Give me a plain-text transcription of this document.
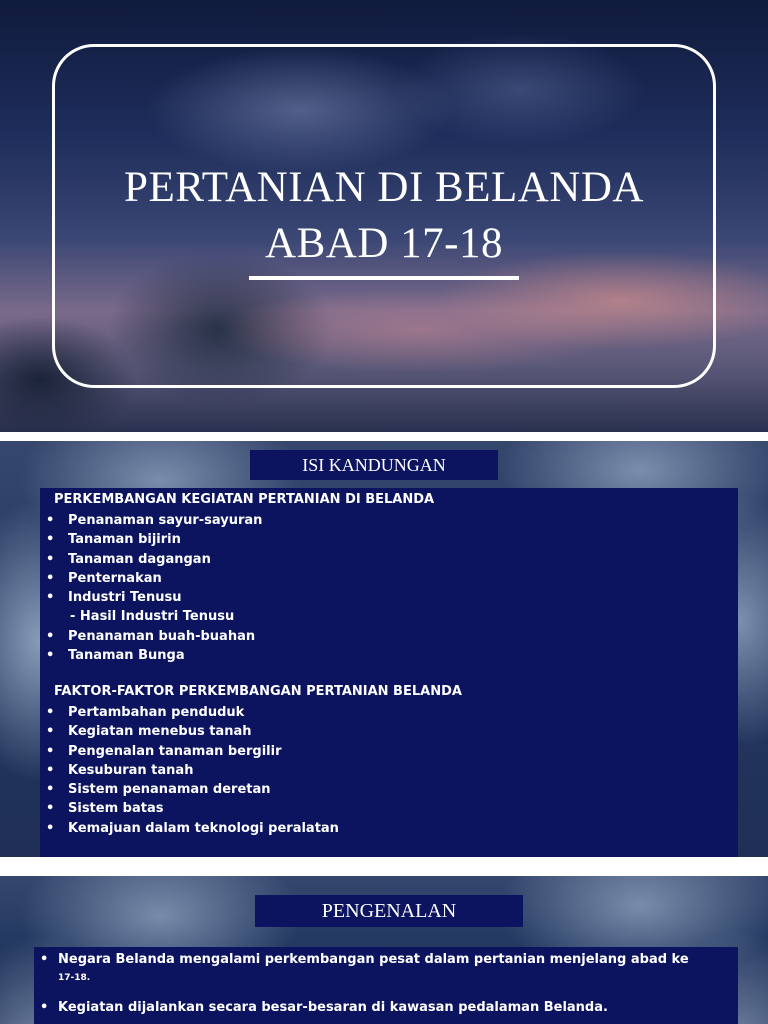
PERTANIAN DI BELANDA
ABAD 17-18
ISI KANDUNGAN
PERKEMBANGAN KEGIATAN PERTANIAN DI BELANDA
• Penanaman sayur-sayuran
• Tanaman bijirin
• Tanaman dagangan
• Penternakan
• Industri Tenusu
- Hasil Industri Tenusu
• Penanaman buah-buahan
• Tanaman Bunga
FAKTOR-FAKTOR PERKEMBANGAN PERTANIAN BELANDA
• Pertambahan penduduk
• Kegiatan menebus tanah
• Pengenalan tanaman bergilir
• Kesuburan tanah
• Sistem penanaman deretan
• Sistem batas
• Kemajuan dalam teknologi peralatan
PENGENALAN
• Negara Belanda mengalami perkembangan pesat dalam pertanian menjelang abad ke
• Kegiatan dijalankan secara besar-besaran di kawasan pedalaman Belanda.
17-18.
